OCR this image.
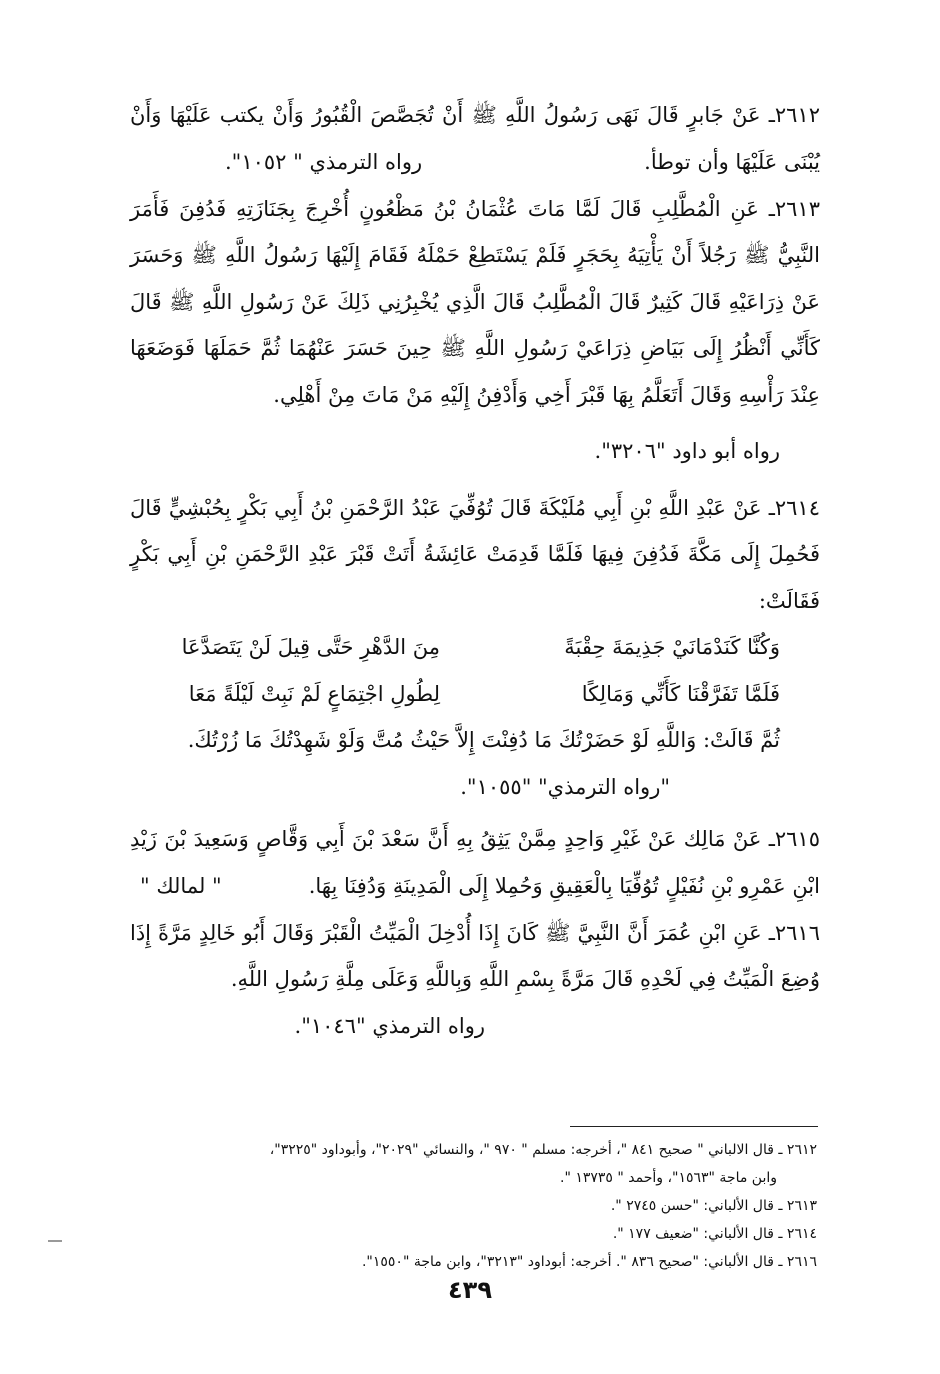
٢٦١٢ـ عَنْ جَابرٍ قَالَ نَهَى رَسُولُ اللَّهِ ﷺ أَنْ تُجَصَّصَ الْقُبُورُ وَأَنْ يكتب عَلَيْهَا وَأَنْ يُبْنَى عَلَيْهَا وأن توطأ.

رواه الترمذي " ١٠٥٢".

٢٦١٣ـ عَنِ الْمُطَّلِبِ قَالَ لَمَّا مَاتَ عُثْمَانُ بْنُ مَظْعُونٍ أُخْرِجَ بِجَنَازَتِهِ فَدُفِنَ فَأَمَرَ النَّبِيُّ ﷺ رَجُلاً أَنْ يَأْتِيَهُ بِحَجَرٍ فَلَمْ يَسْتَطِعْ حَمْلَهُ فَقَامَ إِلَيْهَا رَسُولُ اللَّهِ ﷺ وَحَسَرَ عَنْ ذِرَاعَيْهِ قَالَ كَثِيرٌ قَالَ الْمُطَّلِبُ قَالَ الَّذِي يُخْبِرُنِي ذَلِكَ عَنْ رَسُولِ اللَّهِ ﷺ قَالَ كَأَنِّي أَنْظُرُ إِلَى بَيَاضِ ذِرَاعَيْ رَسُولِ اللَّهِ ﷺ حِينَ حَسَرَ عَنْهُمَا ثُمَّ حَمَلَهَا فَوَضَعَهَا عِنْدَ رَأْسِهِ وَقَالَ أَتَعَلَّمُ بِهَا قَبْرَ أَخِي وَأَدْفِنُ إِلَيْهِ مَنْ مَاتَ مِنْ أَهْلِي.

رواه أبو داود "٣٢٠٦".

٢٦١٤ـ عَنْ عَبْدِ اللَّهِ بْنِ أَبِي مُلَيْكَةَ قَالَ تُوُفِّيَ عَبْدُ الرَّحْمَنِ بْنُ أَبِي بَكْرٍ بِحُبْشِيٍّ قَالَ فَحُمِلَ إِلَى مَكَّةَ فَدُفِنَ فِيهَا فَلَمَّا قَدِمَتْ عَائِشَةُ أَتَتْ قَبْرَ عَبْدِ الرَّحْمَنِ بْنِ أَبِي بَكْرٍ فَقَالَتْ:

وَكُنَّا كَنَدْمَانَيْ جَذِيمَةَ حِقْبَةً
مِنَ الدَّهْرِ حَتَّى قِيلَ لَنْ يَتَصَدَّعَا
فَلَمَّا تَفَرَّقْنَا كَأَنِّي وَمَالِكًا
لِطُولِ اجْتِمَاعٍ لَمْ نَبِتْ لَيْلَةً مَعَا

ثُمَّ قَالَتْ: وَاللَّهِ لَوْ حَضَرْتُكَ مَا دُفِنْتَ إِلاَّ حَيْثُ مُتَّ وَلَوْ شَهِدْتُكَ مَا زُرْتُكَ.

"رواه الترمذي" "١٠٥٥".

٢٦١٥ـ عَنْ مَالِك عَنْ غَيْرِ وَاحِدٍ مِمَّنْ يَثِقُ بِهِ أَنَّ سَعْدَ بْنَ أَبِي وَقَّاصٍ وَسَعِيدَ بْنَ زَيْدِ ابْنِ عَمْرِو بْنِ نُفَيْلٍ تُوُفِّيَا بِالْعَقِيقِ وَحُمِلا إِلَى الْمَدِينَةِ وَدُفِنَا بِهَا.

" لمالك "

٢٦١٦ـ عَنِ ابْنِ عُمَرَ أَنَّ النَّبِيَّ ﷺ كَانَ إِذَا أُدْخِلَ الْمَيِّتُ الْقَبْرَ وَقَالَ أَبُو خَالِدٍ مَرَّةً إِذَا وُضِعَ الْمَيِّتُ فِي لَحْدِهِ قَالَ مَرَّةً بِسْمِ اللَّهِ وَبِاللَّهِ وَعَلَى مِلَّةِ رَسُولِ اللَّهِ.

رواه الترمذي "١٠٤٦".

٢٦١٢ ـ قال الالباني " صحيح ٨٤١ "، أخرجه: مسلم " ٩٧٠ "، والنسائي "٢٠٢٩"، وأبوداود "٣٢٢٥"،

وابن ماجة "١٥٦٣"، وأحمد " ١٣٧٣٥ ".

٢٦١٣ ـ قال الألباني: "حسن ٢٧٤٥ ".

٢٦١٤ ـ قال الألباني: "ضعيف ١٧٧ ".

٢٦١٦ ـ قال الألباني: "صحيح ٨٣٦ ". أخرجه: أبوداود "٣٢١٣"، وابن ماجة "١٥٥٠".

٤٣٩
